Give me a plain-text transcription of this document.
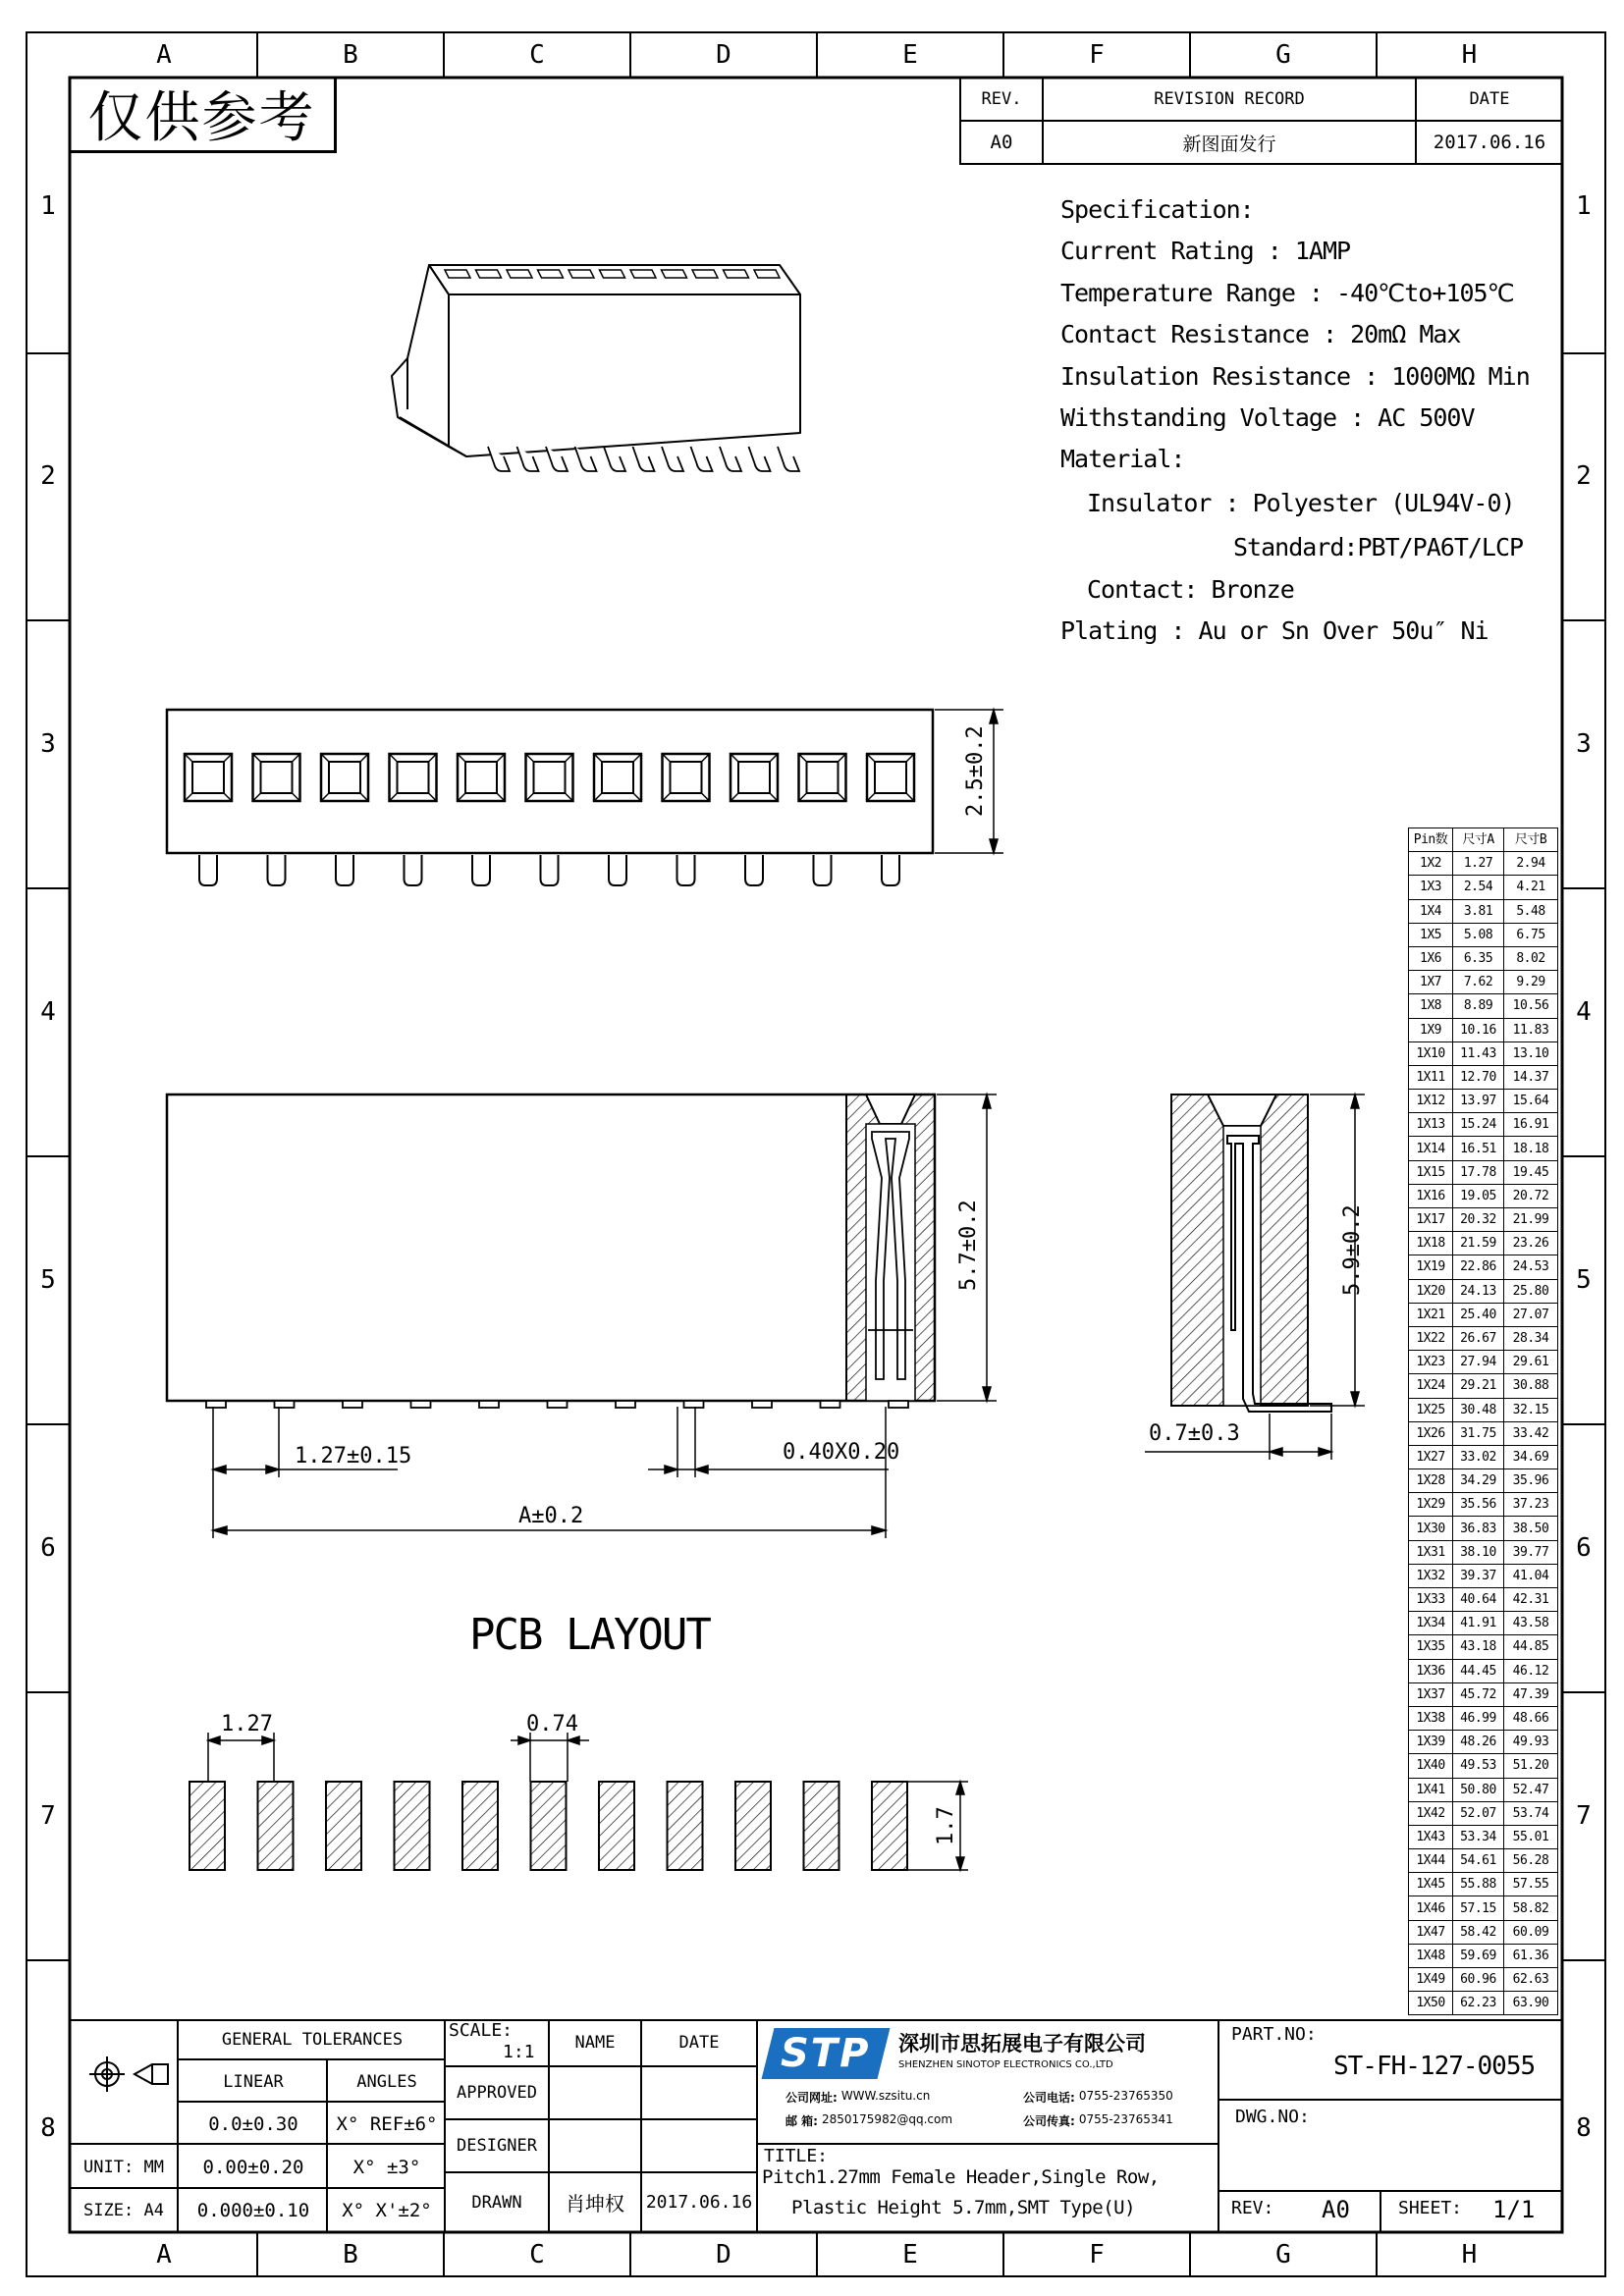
A	B	C	D	E	F	G	H
A	B	C	D	E	F	G	H
1
2
3
4
5
6
7
8
1
2
3
4
5
6
7
8
仅供参考	REV.	REVISION RECORD	DATE
A0	新图面发行	2017.06.16
Specification:
Current Rating : 1AMP
Temperature Range : -40℃to+105℃
Contact Resistance : 20mΩ Max
Insulation Resistance : 1000MΩ Min
Withstanding Voltage : AC 500V
Material:
Insulator : Polyester (UL94V-0)
Standard:PBT/PA6T/LCP
Contact: Bronze
Plating : Au or Sn Over 50u″ Ni
2.5±0.2
5.7±0.2
1.27±0.15	0.40X0.20
A±0.2
5.9±0.2
0.7±0.3
PCB LAYOUT
1.27	0.74
1.7
Pin数	尺寸A	尺寸B
1X2	1.27	2.94
1X3	2.54	4.21
1X4	3.81	5.48
1X5	5.08	6.75
1X6	6.35	8.02
1X7	7.62	9.29
1X8	8.89	10.56
1X9	10.16	11.83
1X10	11.43	13.10
1X11	12.70	14.37
1X12	13.97	15.64
1X13	15.24	16.91
1X14	16.51	18.18
1X15	17.78	19.45
1X16	19.05	20.72
1X17	20.32	21.99
1X18	21.59	23.26
1X19	22.86	24.53
1X20	24.13	25.80
1X21	25.40	27.07
1X22	26.67	28.34
1X23	27.94	29.61
1X24	29.21	30.88
1X25	30.48	32.15
1X26	31.75	33.42
1X27	33.02	34.69
1X28	34.29	35.96
1X29	35.56	37.23
1X30	36.83	38.50
1X31	38.10	39.77
1X32	39.37	41.04
1X33	40.64	42.31
1X34	41.91	43.58
1X35	43.18	44.85
1X36	44.45	46.12
1X37	45.72	47.39
1X38	46.99	48.66
1X39	48.26	49.93
1X40	49.53	51.20
1X41	50.80	52.47
1X42	52.07	53.74
1X43	53.34	55.01
1X44	54.61	56.28
1X45	55.88	57.55
1X46	57.15	58.82
1X47	58.42	60.09
1X48	59.69	61.36
1X49	60.96	62.63
1X50	62.23	63.90
GENERAL TOLERANCES
LINEAR	ANGLES
0.0±0.30	X° REF±6°
UNIT: MM	0.00±0.20	X° ±3°
SIZE: A4	0.000±0.10	X° X'±2°
SCALE:
1:1	NAME	DATE
APPROVED
DESIGNER
DRAWN	肖坤权	2017.06.16
STP 深圳市思拓展电子有限公司
SHENZHEN SINOTOP ELECTRONICS CO.,LTD
公司网址: WWW.szsitu.cn
邮 箱: 2850175982@qq.com
公司电话: 0755-23765350
公司传真: 0755-23765341
TITLE:
Pitch1.27mm Female Header,Single Row,
Plastic Height 5.7mm,SMT Type(U)
PART.NO:
ST-FH-127-0055
DWG.NO:
REV: A0	SHEET: 1/1
